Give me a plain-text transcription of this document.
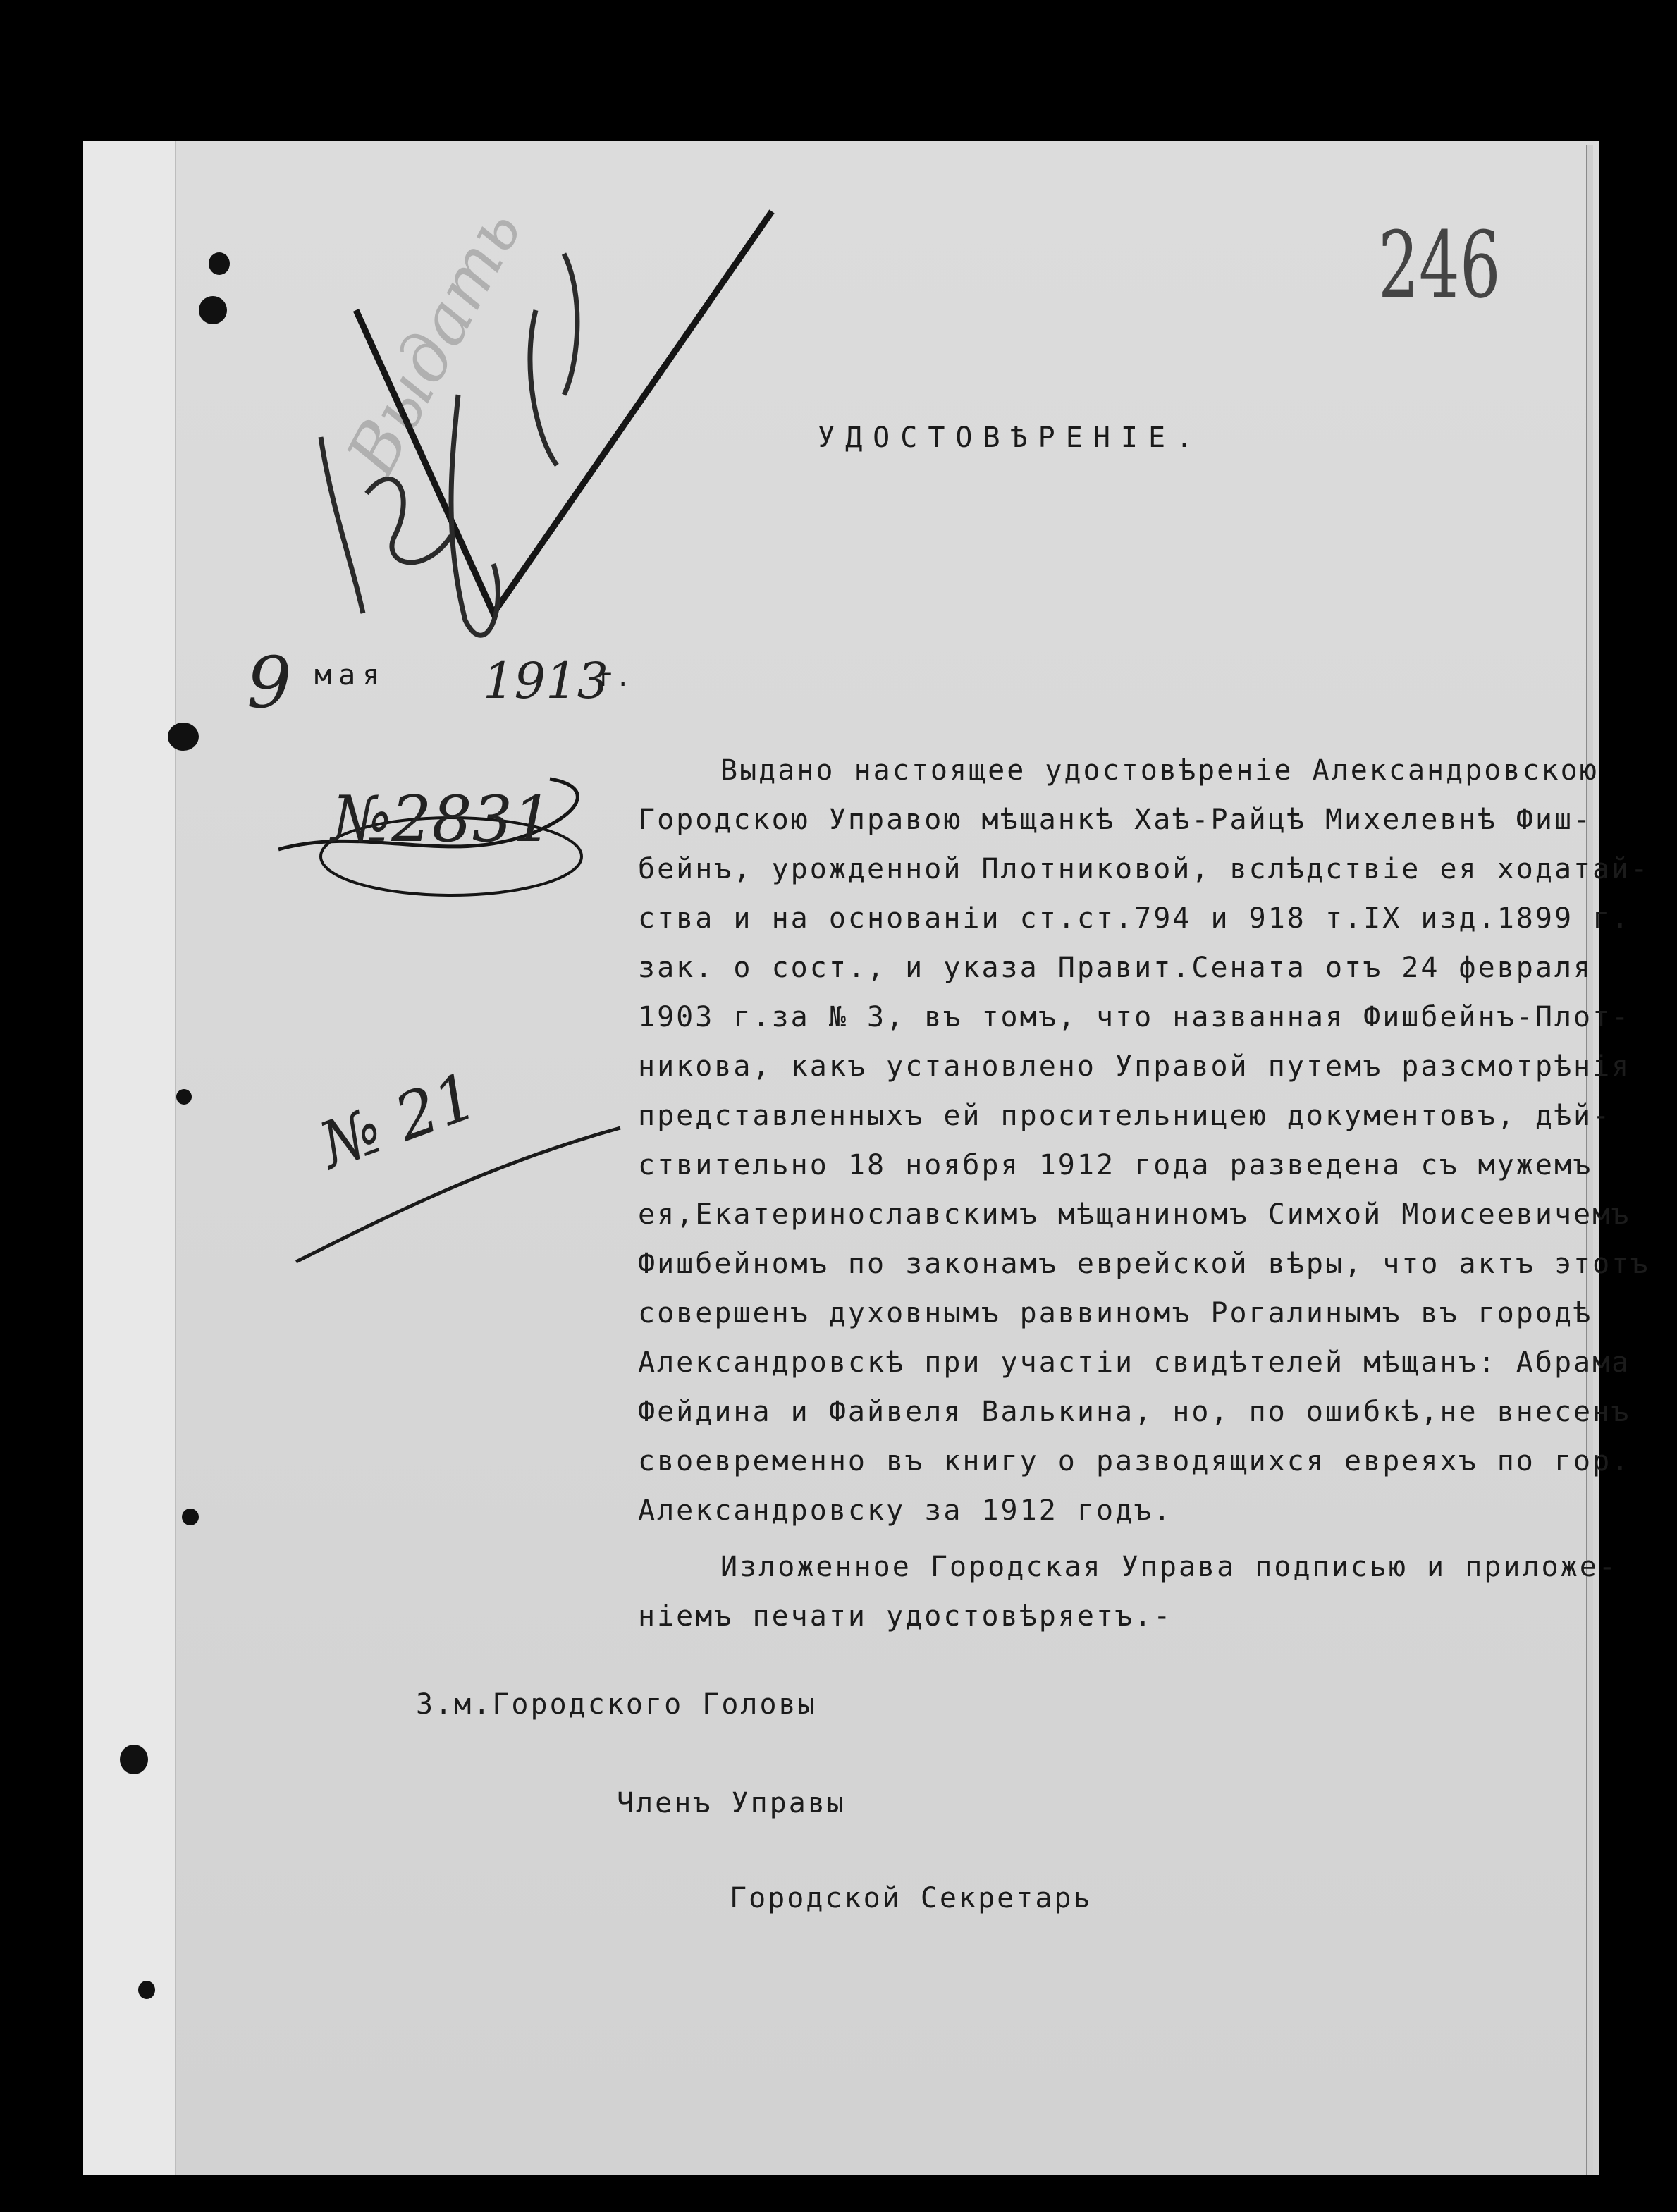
246
Выдать	УДОСТОВѢРЕНІЕ.
9 мая 1913
г.
№2831
№ 21
Выдано настоящее удостовѣреніе Александровскою
Городскою Управою мѣщанкѣ Хаѣ-Райцѣ Михелевнѣ Фиш-
бейнъ, урожденной Плотниковой, вслѣдствіе ея ходатай-
ства и на основаніи ст.ст.794 и 918 т.IX изд.1899 г.
зак. о сост., и указа Правит.Сената отъ 24 февраля
1903 г.за № 3, въ томъ, что названная Фишбейнъ-Плот-
никова, какъ установлено Управой путемъ разсмотрѣнія
представленныхъ ей просительницею документовъ, дѣй-
ствительно 18 ноября 1912 года разведена съ мужемъ
ея,Екатеринославскимъ мѣщаниномъ Симхой Моисеевичемъ
Фишбейномъ по законамъ еврейской вѣры, что актъ этотъ
совершенъ духовнымъ раввиномъ Рогалинымъ въ городѣ
Александровскѣ при участіи свидѣтелей мѣщанъ: Абрама
Фейдина и Файвеля Валькина, но, по ошибкѣ,не внесенъ
своевременно въ книгу о разводящихся евреяхъ по гор.
Александровску за 1912 годъ.
Изложенное Городская Управа подписью и приложе-
ніемъ печати удостовѣряетъ.-
З.м.Городского Головы
Членъ Управы
Городской Секретарь
